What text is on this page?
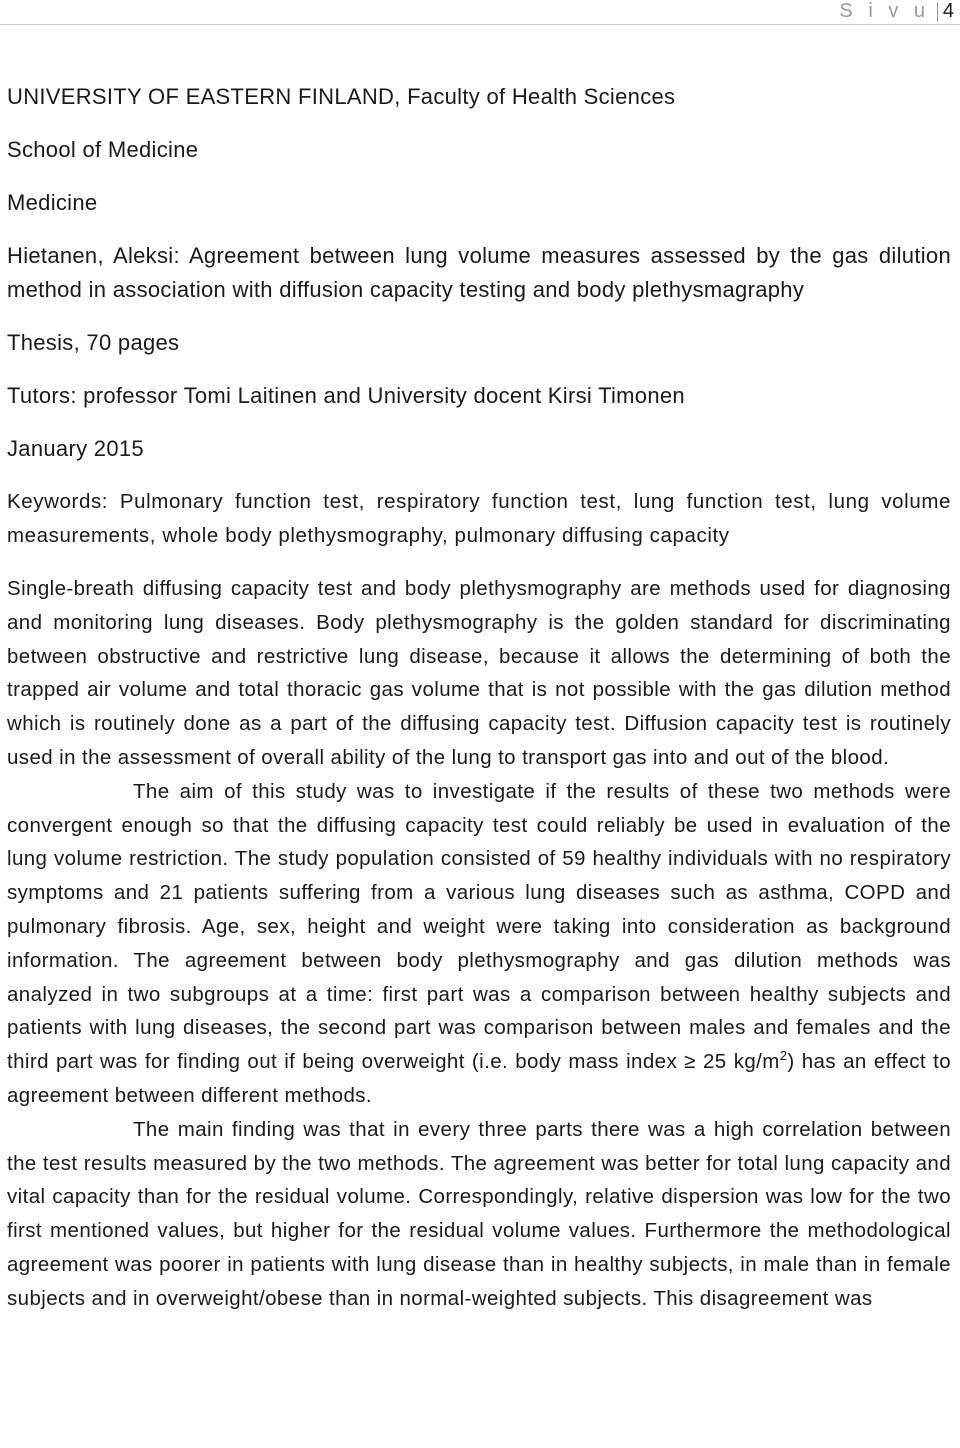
S i v u 4

UNIVERSITY OF EASTERN FINLAND, Faculty of Health Sciences

School of Medicine

Medicine

Hietanen, Aleksi: Agreement between lung volume measures assessed by the gas dilution method in association with diffusion capacity testing and body plethysmagraphy

Thesis, 70 pages

Tutors: professor Tomi Laitinen and University docent Kirsi Timonen

January 2015

Keywords: Pulmonary function test, respiratory function test, lung function test, lung volume measurements, whole body plethysmography, pulmonary diffusing capacity

Single-breath diffusing capacity test and body plethysmography are methods used for diagnosing and monitoring lung diseases. Body plethysmography is the golden standard for discriminating between obstructive and restrictive lung disease, because it allows the determining of both the trapped air volume and total thoracic gas volume that is not possible with the gas dilution method which is routinely done as a part of the diffusing capacity test. Diffusion capacity test is routinely used in the assessment of overall ability of the lung to transport gas into and out of the blood.

The aim of this study was to investigate if the results of these two methods were convergent enough so that the diffusing capacity test could reliably be used in evaluation of the lung volume restriction. The study population consisted of 59 healthy individuals with no respiratory symptoms and 21 patients suffering from a various lung diseases such as asthma, COPD and pulmonary fibrosis. Age, sex, height and weight were taking into consideration as background information. The agreement between body plethysmography and gas dilution methods was analyzed in two subgroups at a time: first part was a comparison between healthy subjects and patients with lung diseases, the second part was comparison between males and females and the third part was for finding out if being overweight (i.e. body mass index ≥ 25 $kg/m^2$) has an effect to agreement between different methods.

The main finding was that in every three parts there was a high correlation between the test results measured by the two methods. The agreement was better for total lung capacity and vital capacity than for the residual volume. Correspondingly, relative dispersion was low for the two first mentioned values, but higher for the residual volume values. Furthermore the methodological agreement was poorer in patients with lung disease than in healthy subjects, in male than in female subjects and in overweight/obese than in normal-weighted subjects. This disagreement was
